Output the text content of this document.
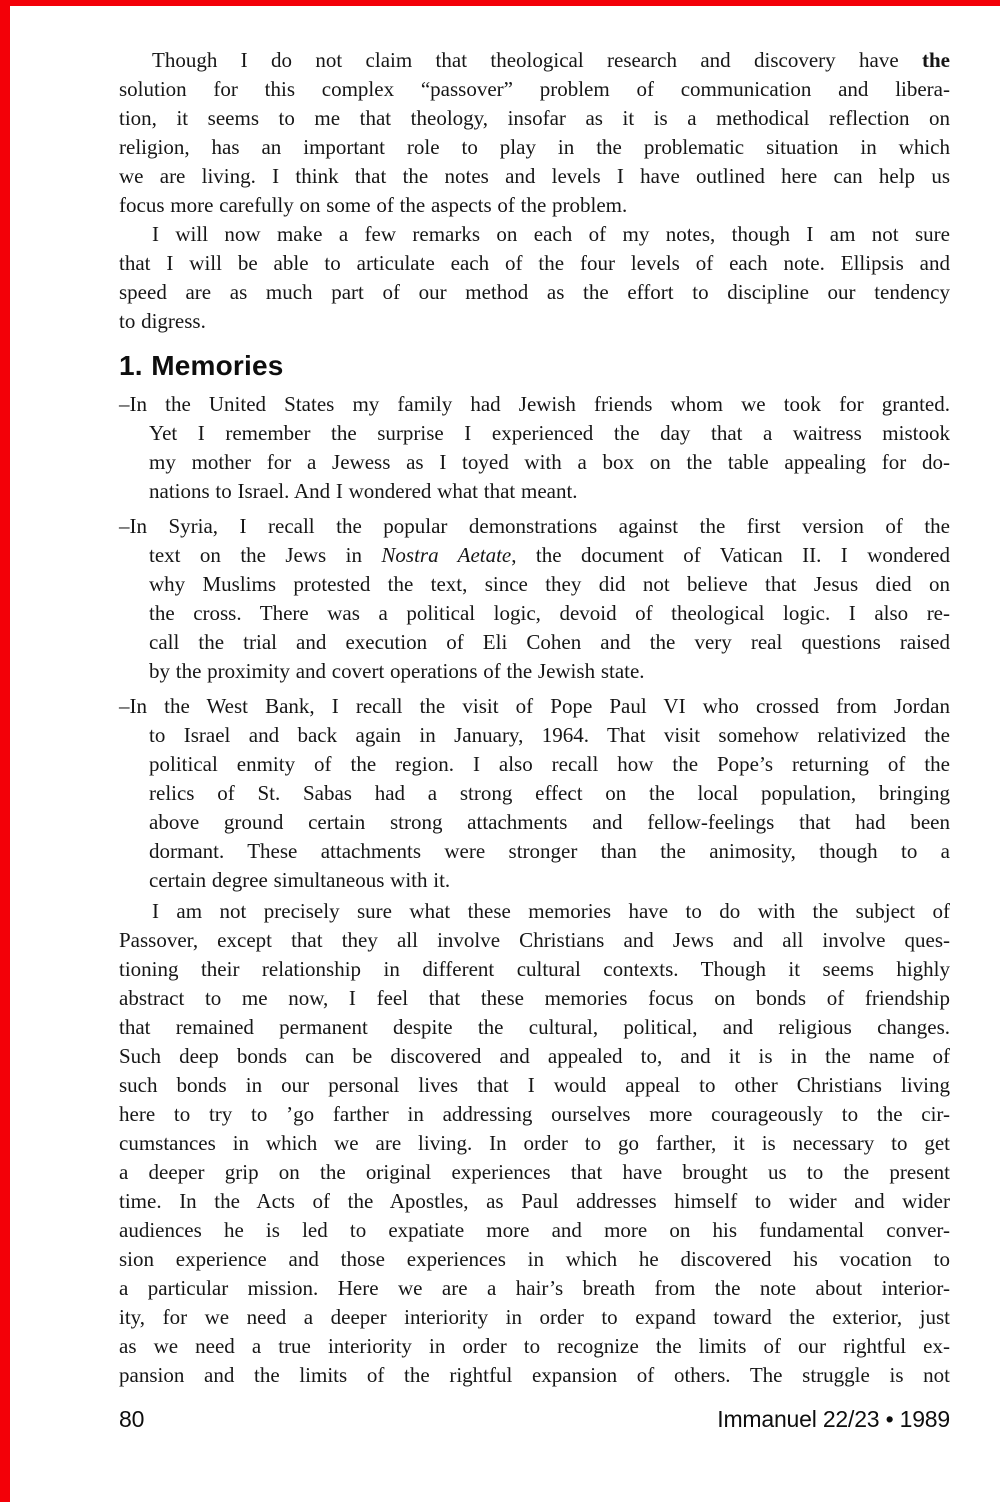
Though I do not claim that theological research and discovery have the
solution for this complex “passover” problem of communication and libera-
tion, it seems to me that theology, insofar as it is a methodical reflection on
religion, has an important role to play in the problematic situation in which
we are living. I think that the notes and levels I have outlined here can help us
focus more carefully on some of the aspects of the problem.
I will now make a few remarks on each of my notes, though I am not sure
that I will be able to articulate each of the four levels of each note. Ellipsis and
speed are as much part of our method as the effort to discipline our tendency
to digress.
1. Memories
–In the United States my family had Jewish friends whom we took for granted.
Yet I remember the surprise I experienced the day that a waitress mistook
my mother for a Jewess as I toyed with a box on the table appealing for do-
nations to Israel. And I wondered what that meant.
–In Syria, I recall the popular demonstrations against the first version of the
text on the Jews in Nostra Aetate, the document of Vatican II. I wondered
why Muslims protested the text, since they did not believe that Jesus died on
the cross. There was a political logic, devoid of theological logic. I also re-
call the trial and execution of Eli Cohen and the very real questions raised
by the proximity and covert operations of the Jewish state.
–In the West Bank, I recall the visit of Pope Paul VI who crossed from Jordan
to Israel and back again in January, 1964. That visit somehow relativized the
political enmity of the region. I also recall how the Pope’s returning of the
relics of St. Sabas had a strong effect on the local population, bringing
above ground certain strong attachments and fellow-feelings that had been
dormant. These attachments were stronger than the animosity, though to a
certain degree simultaneous with it.
I am not precisely sure what these memories have to do with the subject of
Passover, except that they all involve Christians and Jews and all involve ques-
tioning their relationship in different cultural contexts. Though it seems highly
abstract to me now, I feel that these memories focus on bonds of friendship
that remained permanent despite the cultural, political, and religious changes.
Such deep bonds can be discovered and appealed to, and it is in the name of
such bonds in our personal lives that I would appeal to other Christians living
here to try to ’go farther in addressing ourselves more courageously to the cir-
cumstances in which we are living. In order to go farther, it is necessary to get
a deeper grip on the original experiences that have brought us to the present
time. In the Acts of the Apostles, as Paul addresses himself to wider and wider
audiences he is led to expatiate more and more on his fundamental conver-
sion experience and those experiences in which he discovered his vocation to
a particular mission. Here we are a hair’s breath from the note about interior-
ity, for we need a deeper interiority in order to expand toward the exterior, just
as we need a true interiority in order to recognize the limits of our rightful ex-
pansion and the limits of the rightful expansion of others. The struggle is not
80	Immanuel 22/23 • 1989
